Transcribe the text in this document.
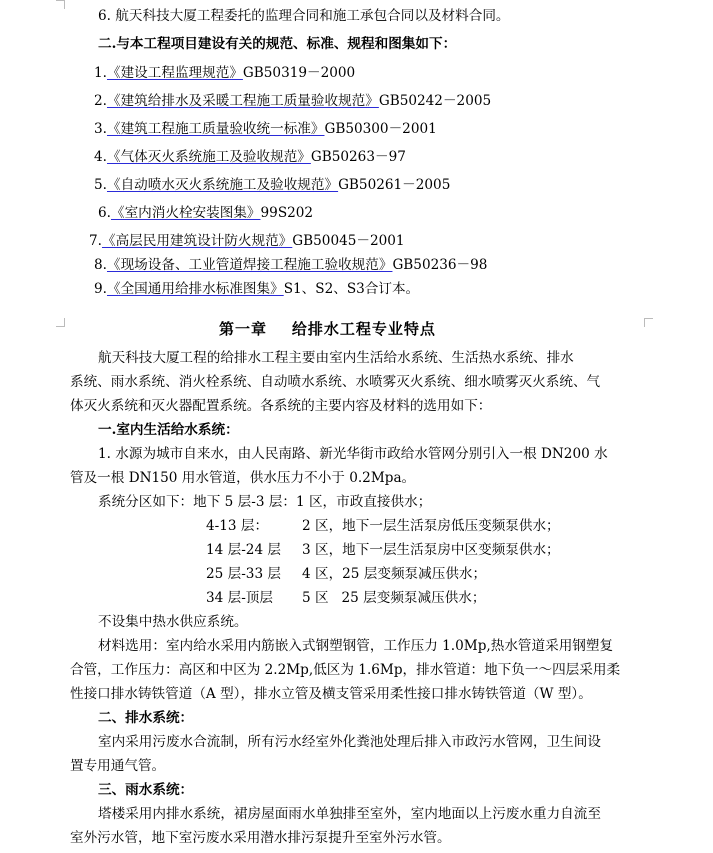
6. 航天科技大厦工程委托的监理合同和施工承包合同以及材料合同。
二.与本工程项目建设有关的规范、标准、规程和图集如下：
1.《建设工程监理规范》GB50319－2000
2.《建筑给排水及采暖工程施工质量验收规范》GB50242－2005
3.《建筑工程施工质量验收统一标准》GB50300－2001
4.《气体灭火系统施工及验收规范》GB50263－97
5.《自动喷水灭火系统施工及验收规范》GB50261－2005
6.《室内消火栓安装图集》99S202
7.《高层民用建筑设计防火规范》GB50045－2001
8.《现场设备、工业管道焊接工程施工验收规范》GB50236－98
9.《全国通用给排水标准图集》S1、S2、S3合订本。
第一章    给排水工程专业特点
航天科技大厦工程的给排水工程主要由室内生活给水系统、生活热水系统、排水
系统、雨水系统、消火栓系统、自动喷水系统、水喷雾灭火系统、细水喷雾灭火系统、气
体灭火系统和灭火器配置系统。各系统的主要内容及材料的选用如下：
一.室内生活给水系统：
1. 水源为城市自来水，由人民南路、新光华街市政给水管网分别引入一根 DN200 水
管及一根 DN150 用水管道，供水压力不小于 0.2Mpa。
系统分区如下：地下 5 层-3 层：1 区，市政直接供水；
4-13 层： 2 区，地下一层生活泵房低压变频泵供水；
14 层-24 层 3 区，地下一层生活泵房中区变频泵供水；
25 层-33 层 4 区，25 层变频泵减压供水；
34 层-顶层 5 区   25 层变频泵减压供水；
不设集中热水供应系统。
材料选用：室内给水采用内筋嵌入式钢塑钢管，工作压力 1.0Mp,热水管道采用钢塑复
合管，工作压力：高区和中区为 2.2Mp,低区为 1.6Mp，排水管道：地下负一～四层采用柔
性接口排水铸铁管道（A 型），排水立管及横支管采用柔性接口排水铸铁管道（W 型）。
二、排水系统：
室内采用污废水合流制，所有污水经室外化粪池处理后排入市政污水管网，卫生间设
置专用通气管。
三、雨水系统：
塔楼采用内排水系统，裙房屋面雨水单独排至室外，室内地面以上污废水重力自流至
室外污水管，地下室污废水采用潜水排污泵提升至室外污水管。
